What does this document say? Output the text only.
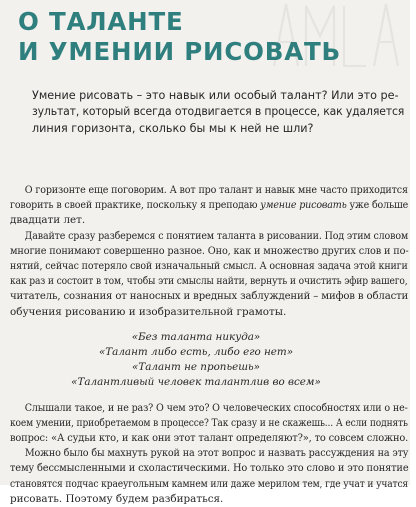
О ТАЛАНТЕ
И УМЕНИИ РИСОВАТЬ
Умение рисовать – это навык или особый талант? Или это ре-
зультат, который всегда отодвигается в процессе, как удаляется
линия горизонта, сколько бы мы к ней не шли?
О горизонте еще поговорим. А вот про талант и навык мне часто приходится
говорить в своей практике, поскольку я преподаю умение рисовать уже больше
двадцати лет.
Давайте сразу разберемся с понятием таланта в рисовании. Под этим словом
многие понимают совершенно разное. Оно, как и множество других слов и по-
нятий, сейчас потеряло свой изначальный смысл. А основная задача этой книги
как раз и состоит в том, чтобы эти смыслы найти, вернуть и очистить эфир вашего,
читатель, сознания от наносных и вредных заблуждений – мифов в области
обучения рисованию и изобразительной грамоты.
«Без таланта никуда»
«Талант либо есть, либо его нет»
«Талант не пропьешь»
«Талантливый человек талантлив во всем»
Слышали такое, и не раз? О чем это? О человеческих способностях или о не-
коем умении, приобретаемом в процессе? Так сразу и не скажешь... А если поднять
вопрос: «А судьи кто, и как они этот талант определяют?», то совсем сложно.
Можно было бы махнуть рукой на этот вопрос и назвать рассуждения на эту
тему бессмысленными и схоластическими. Но только это слово и это понятие
становятся подчас краеугольным камнем или даже мерилом тем, где учат и учатся
рисовать. Поэтому будем разбираться.
